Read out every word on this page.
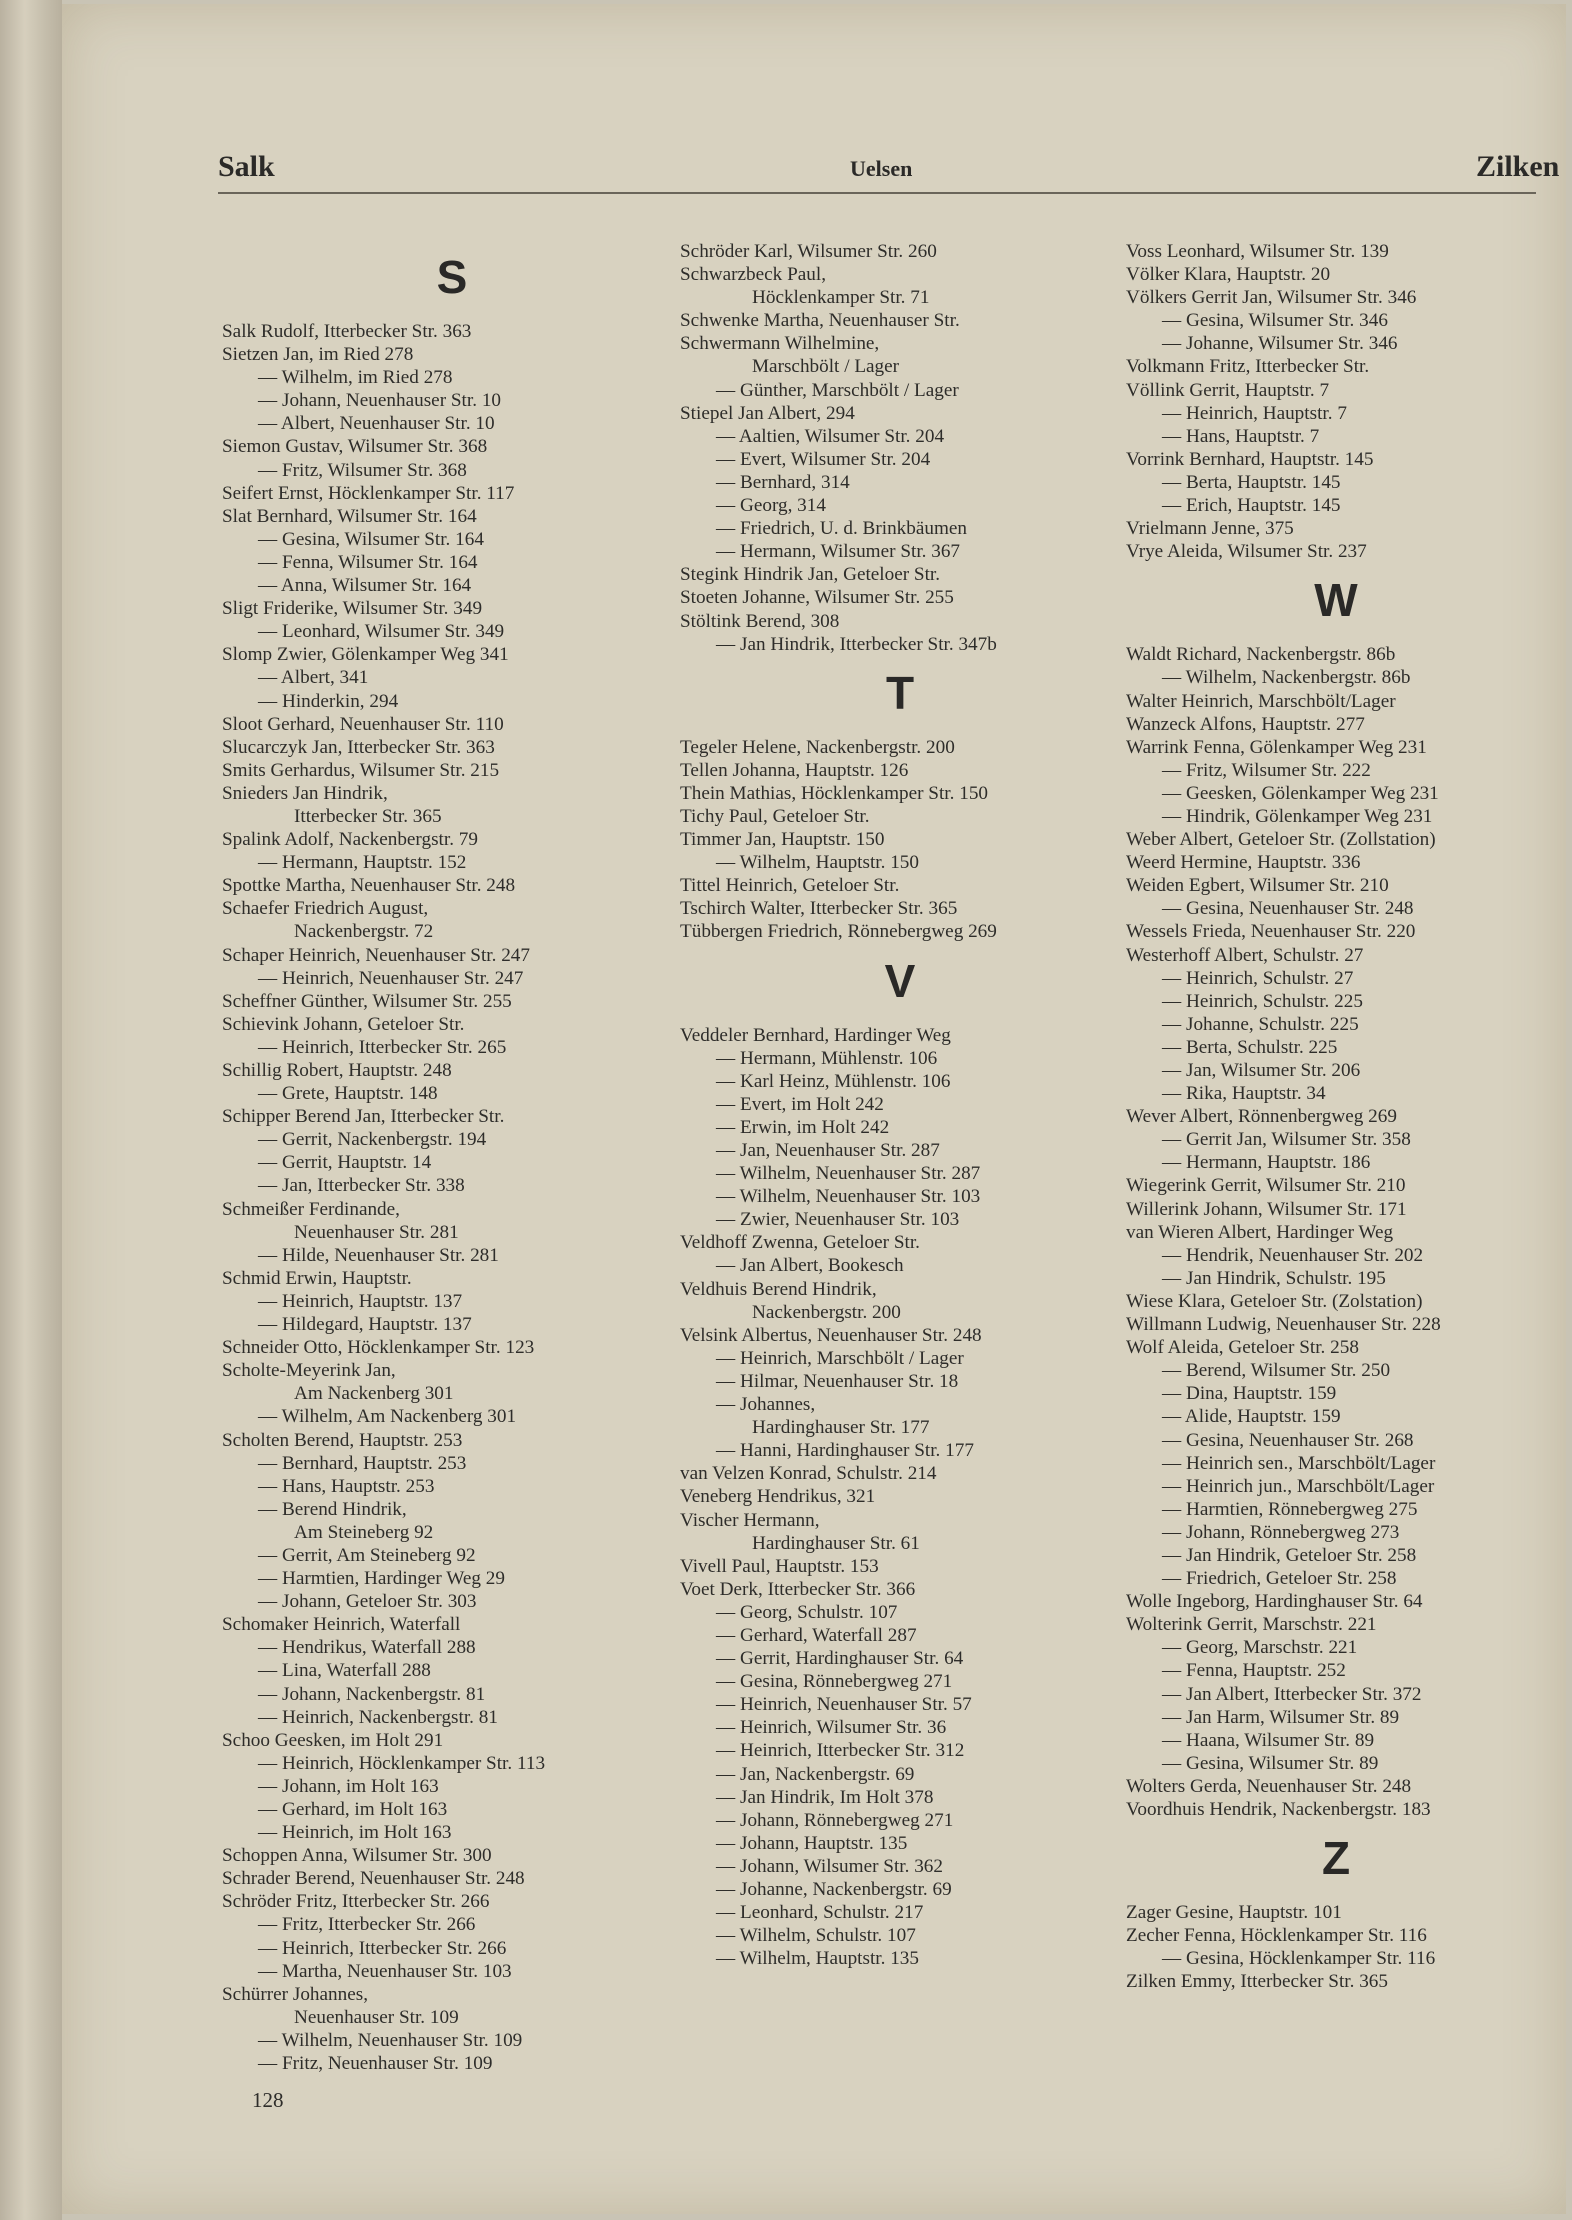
Salk	Uelsen	Zilken
S
Salk Rudolf, Itterbecker Str. 363
Sietzen Jan, im Ried 278
— Wilhelm, im Ried 278
— Johann, Neuenhauser Str. 10
— Albert, Neuenhauser Str. 10
Siemon Gustav, Wilsumer Str. 368
— Fritz, Wilsumer Str. 368
Seifert Ernst, Höcklenkamper Str. 117
Slat Bernhard, Wilsumer Str. 164
— Gesina, Wilsumer Str. 164
— Fenna, Wilsumer Str. 164
— Anna, Wilsumer Str. 164
Sligt Friderike, Wilsumer Str. 349
— Leonhard, Wilsumer Str. 349
Slomp Zwier, Gölenkamper Weg 341
— Albert, 341
— Hinderkin, 294
Sloot Gerhard, Neuenhauser Str. 110
Slucarczyk Jan, Itterbecker Str. 363
Smits Gerhardus, Wilsumer Str. 215
Snieders Jan Hindrik,
Itterbecker Str. 365
Spalink Adolf, Nackenbergstr. 79
— Hermann, Hauptstr. 152
Spottke Martha, Neuenhauser Str. 248
Schaefer Friedrich August,
Nackenbergstr. 72
Schaper Heinrich, Neuenhauser Str. 247
— Heinrich, Neuenhauser Str. 247
Scheffner Günther, Wilsumer Str. 255
Schievink Johann, Geteloer Str.
— Heinrich, Itterbecker Str. 265
Schillig Robert, Hauptstr. 248
— Grete, Hauptstr. 148
Schipper Berend Jan, Itterbecker Str.
— Gerrit, Nackenbergstr. 194
— Gerrit, Hauptstr. 14
— Jan, Itterbecker Str. 338
Schmeißer Ferdinande,
Neuenhauser Str. 281
— Hilde, Neuenhauser Str. 281
Schmid Erwin, Hauptstr.
— Heinrich, Hauptstr. 137
— Hildegard, Hauptstr. 137
Schneider Otto, Höcklenkamper Str. 123
Scholte-Meyerink Jan,
Am Nackenberg 301
— Wilhelm, Am Nackenberg 301
Scholten Berend, Hauptstr. 253
— Bernhard, Hauptstr. 253
— Hans, Hauptstr. 253
— Berend Hindrik,
Am Steineberg 92
— Gerrit, Am Steineberg 92
— Harmtien, Hardinger Weg 29
— Johann, Geteloer Str. 303
Schomaker Heinrich, Waterfall
— Hendrikus, Waterfall 288
— Lina, Waterfall 288
— Johann, Nackenbergstr. 81
— Heinrich, Nackenbergstr. 81
Schoo Geesken, im Holt 291
— Heinrich, Höcklenkamper Str. 113
— Johann, im Holt 163
— Gerhard, im Holt 163
— Heinrich, im Holt 163
Schoppen Anna, Wilsumer Str. 300
Schrader Berend, Neuenhauser Str. 248
Schröder Fritz, Itterbecker Str. 266
— Fritz, Itterbecker Str. 266
— Heinrich, Itterbecker Str. 266
— Martha, Neuenhauser Str. 103
Schürrer Johannes,
Neuenhauser Str. 109
— Wilhelm, Neuenhauser Str. 109
— Fritz, Neuenhauser Str. 109
Schröder Karl, Wilsumer Str. 260
Schwarzbeck Paul,
Höcklenkamper Str. 71
Schwenke Martha, Neuenhauser Str.
Schwermann Wilhelmine,
Marschbölt / Lager
— Günther, Marschbölt / Lager
Stiepel Jan Albert, 294
— Aaltien, Wilsumer Str. 204
— Evert, Wilsumer Str. 204
— Bernhard, 314
— Georg, 314
— Friedrich, U. d. Brinkbäumen
— Hermann, Wilsumer Str. 367
Stegink Hindrik Jan, Geteloer Str.
Stoeten Johanne, Wilsumer Str. 255
Stöltink Berend, 308
— Jan Hindrik, Itterbecker Str. 347b
T
Tegeler Helene, Nackenbergstr. 200
Tellen Johanna, Hauptstr. 126
Thein Mathias, Höcklenkamper Str. 150
Tichy Paul, Geteloer Str.
Timmer Jan, Hauptstr. 150
— Wilhelm, Hauptstr. 150
Tittel Heinrich, Geteloer Str.
Tschirch Walter, Itterbecker Str. 365
Tübbergen Friedrich, Rönnebergweg 269
V
Veddeler Bernhard, Hardinger Weg
— Hermann, Mühlenstr. 106
— Karl Heinz, Mühlenstr. 106
— Evert, im Holt 242
— Erwin, im Holt 242
— Jan, Neuenhauser Str. 287
— Wilhelm, Neuenhauser Str. 287
— Wilhelm, Neuenhauser Str. 103
— Zwier, Neuenhauser Str. 103
Veldhoff Zwenna, Geteloer Str.
— Jan Albert, Bookesch
Veldhuis Berend Hindrik,
Nackenbergstr. 200
Velsink Albertus, Neuenhauser Str. 248
— Heinrich, Marschbölt / Lager
— Hilmar, Neuenhauser Str. 18
— Johannes,
Hardinghauser Str. 177
— Hanni, Hardinghauser Str. 177
van Velzen Konrad, Schulstr. 214
Veneberg Hendrikus, 321
Vischer Hermann,
Hardinghauser Str. 61
Vivell Paul, Hauptstr. 153
Voet Derk, Itterbecker Str. 366
— Georg, Schulstr. 107
— Gerhard, Waterfall 287
— Gerrit, Hardinghauser Str. 64
— Gesina, Rönnebergweg 271
— Heinrich, Neuenhauser Str. 57
— Heinrich, Wilsumer Str. 36
— Heinrich, Itterbecker Str. 312
— Jan, Nackenbergstr. 69
— Jan Hindrik, Im Holt 378
— Johann, Rönnebergweg 271
— Johann, Hauptstr. 135
— Johann, Wilsumer Str. 362
— Johanne, Nackenbergstr. 69
— Leonhard, Schulstr. 217
— Wilhelm, Schulstr. 107
— Wilhelm, Hauptstr. 135
Voss Leonhard, Wilsumer Str. 139
Völker Klara, Hauptstr. 20
Völkers Gerrit Jan, Wilsumer Str. 346
— Gesina, Wilsumer Str. 346
— Johanne, Wilsumer Str. 346
Volkmann Fritz, Itterbecker Str.
Völlink Gerrit, Hauptstr. 7
— Heinrich, Hauptstr. 7
— Hans, Hauptstr. 7
Vorrink Bernhard, Hauptstr. 145
— Berta, Hauptstr. 145
— Erich, Hauptstr. 145
Vrielmann Jenne, 375
Vrye Aleida, Wilsumer Str. 237
W
Waldt Richard, Nackenbergstr. 86b
— Wilhelm, Nackenbergstr. 86b
Walter Heinrich, Marschbölt/Lager
Wanzeck Alfons, Hauptstr. 277
Warrink Fenna, Gölenkamper Weg 231
— Fritz, Wilsumer Str. 222
— Geesken, Gölenkamper Weg 231
— Hindrik, Gölenkamper Weg 231
Weber Albert, Geteloer Str. (Zollstation)
Weerd Hermine, Hauptstr. 336
Weiden Egbert, Wilsumer Str. 210
— Gesina, Neuenhauser Str. 248
Wessels Frieda, Neuenhauser Str. 220
Westerhoff Albert, Schulstr. 27
— Heinrich, Schulstr. 27
— Heinrich, Schulstr. 225
— Johanne, Schulstr. 225
— Berta, Schulstr. 225
— Jan, Wilsumer Str. 206
— Rika, Hauptstr. 34
Wever Albert, Rönnenbergweg 269
— Gerrit Jan, Wilsumer Str. 358
— Hermann, Hauptstr. 186
Wiegerink Gerrit, Wilsumer Str. 210
Willerink Johann, Wilsumer Str. 171
van Wieren Albert, Hardinger Weg
— Hendrik, Neuenhauser Str. 202
— Jan Hindrik, Schulstr. 195
Wiese Klara, Geteloer Str. (Zolstation)
Willmann Ludwig, Neuenhauser Str. 228
Wolf Aleida, Geteloer Str. 258
— Berend, Wilsumer Str. 250
— Dina, Hauptstr. 159
— Alide, Hauptstr. 159
— Gesina, Neuenhauser Str. 268
— Heinrich sen., Marschbölt/Lager
— Heinrich jun., Marschbölt/Lager
— Harmtien, Rönnebergweg 275
— Johann, Rönnebergweg 273
— Jan Hindrik, Geteloer Str. 258
— Friedrich, Geteloer Str. 258
Wolle Ingeborg, Hardinghauser Str. 64
Wolterink Gerrit, Marschstr. 221
— Georg, Marschstr. 221
— Fenna, Hauptstr. 252
— Jan Albert, Itterbecker Str. 372
— Jan Harm, Wilsumer Str. 89
— Haana, Wilsumer Str. 89
— Gesina, Wilsumer Str. 89
Wolters Gerda, Neuenhauser Str. 248
Voordhuis Hendrik, Nackenbergstr. 183
Z
Zager Gesine, Hauptstr. 101
Zecher Fenna, Höcklenkamper Str. 116
— Gesina, Höcklenkamper Str. 116
Zilken Emmy, Itterbecker Str. 365
128
